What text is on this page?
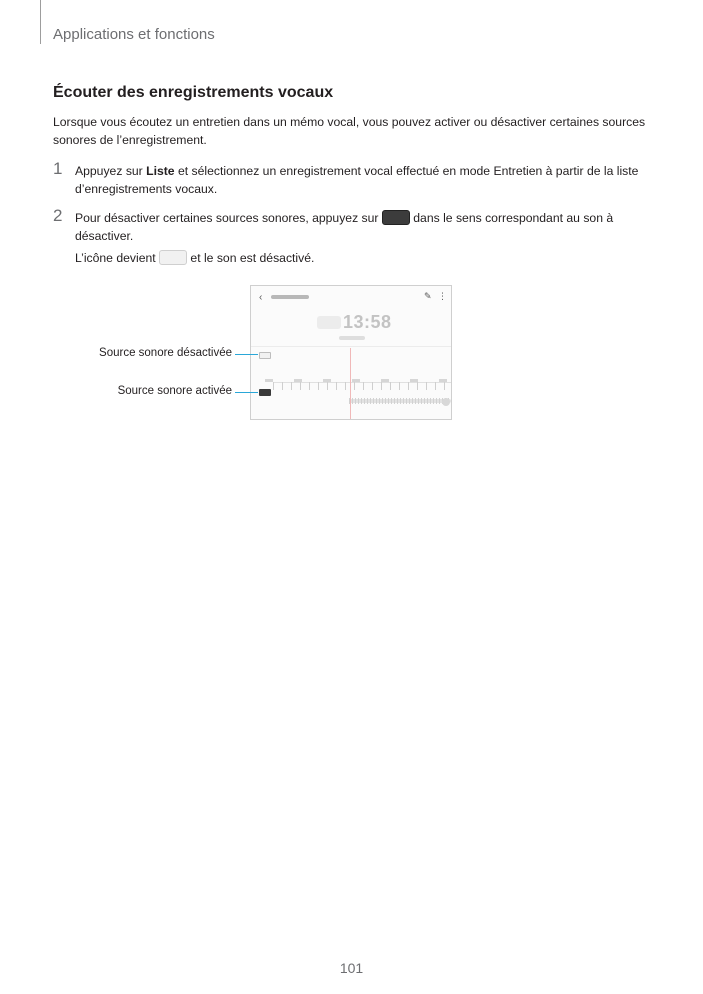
Applications et fonctions
Écouter des enregistrements vocaux

Lorsque vous écoutez un entretien dans un mémo vocal, vous pouvez activer ou désactiver certaines sources sonores de l’enregistrement.

1 Appuyez sur Liste et sélectionnez un enregistrement vocal effectué en mode Entretien à partir de la liste d’enregistrements vocaux.

2 Pour désactiver certaines sources sonores, appuyez sur  dans le sens correspondant au son à désactiver.

L’icône devient  et le son est désactivé.

‹	✎ ⋮
13:58
Source sonore désactivée
Source sonore activée
101
